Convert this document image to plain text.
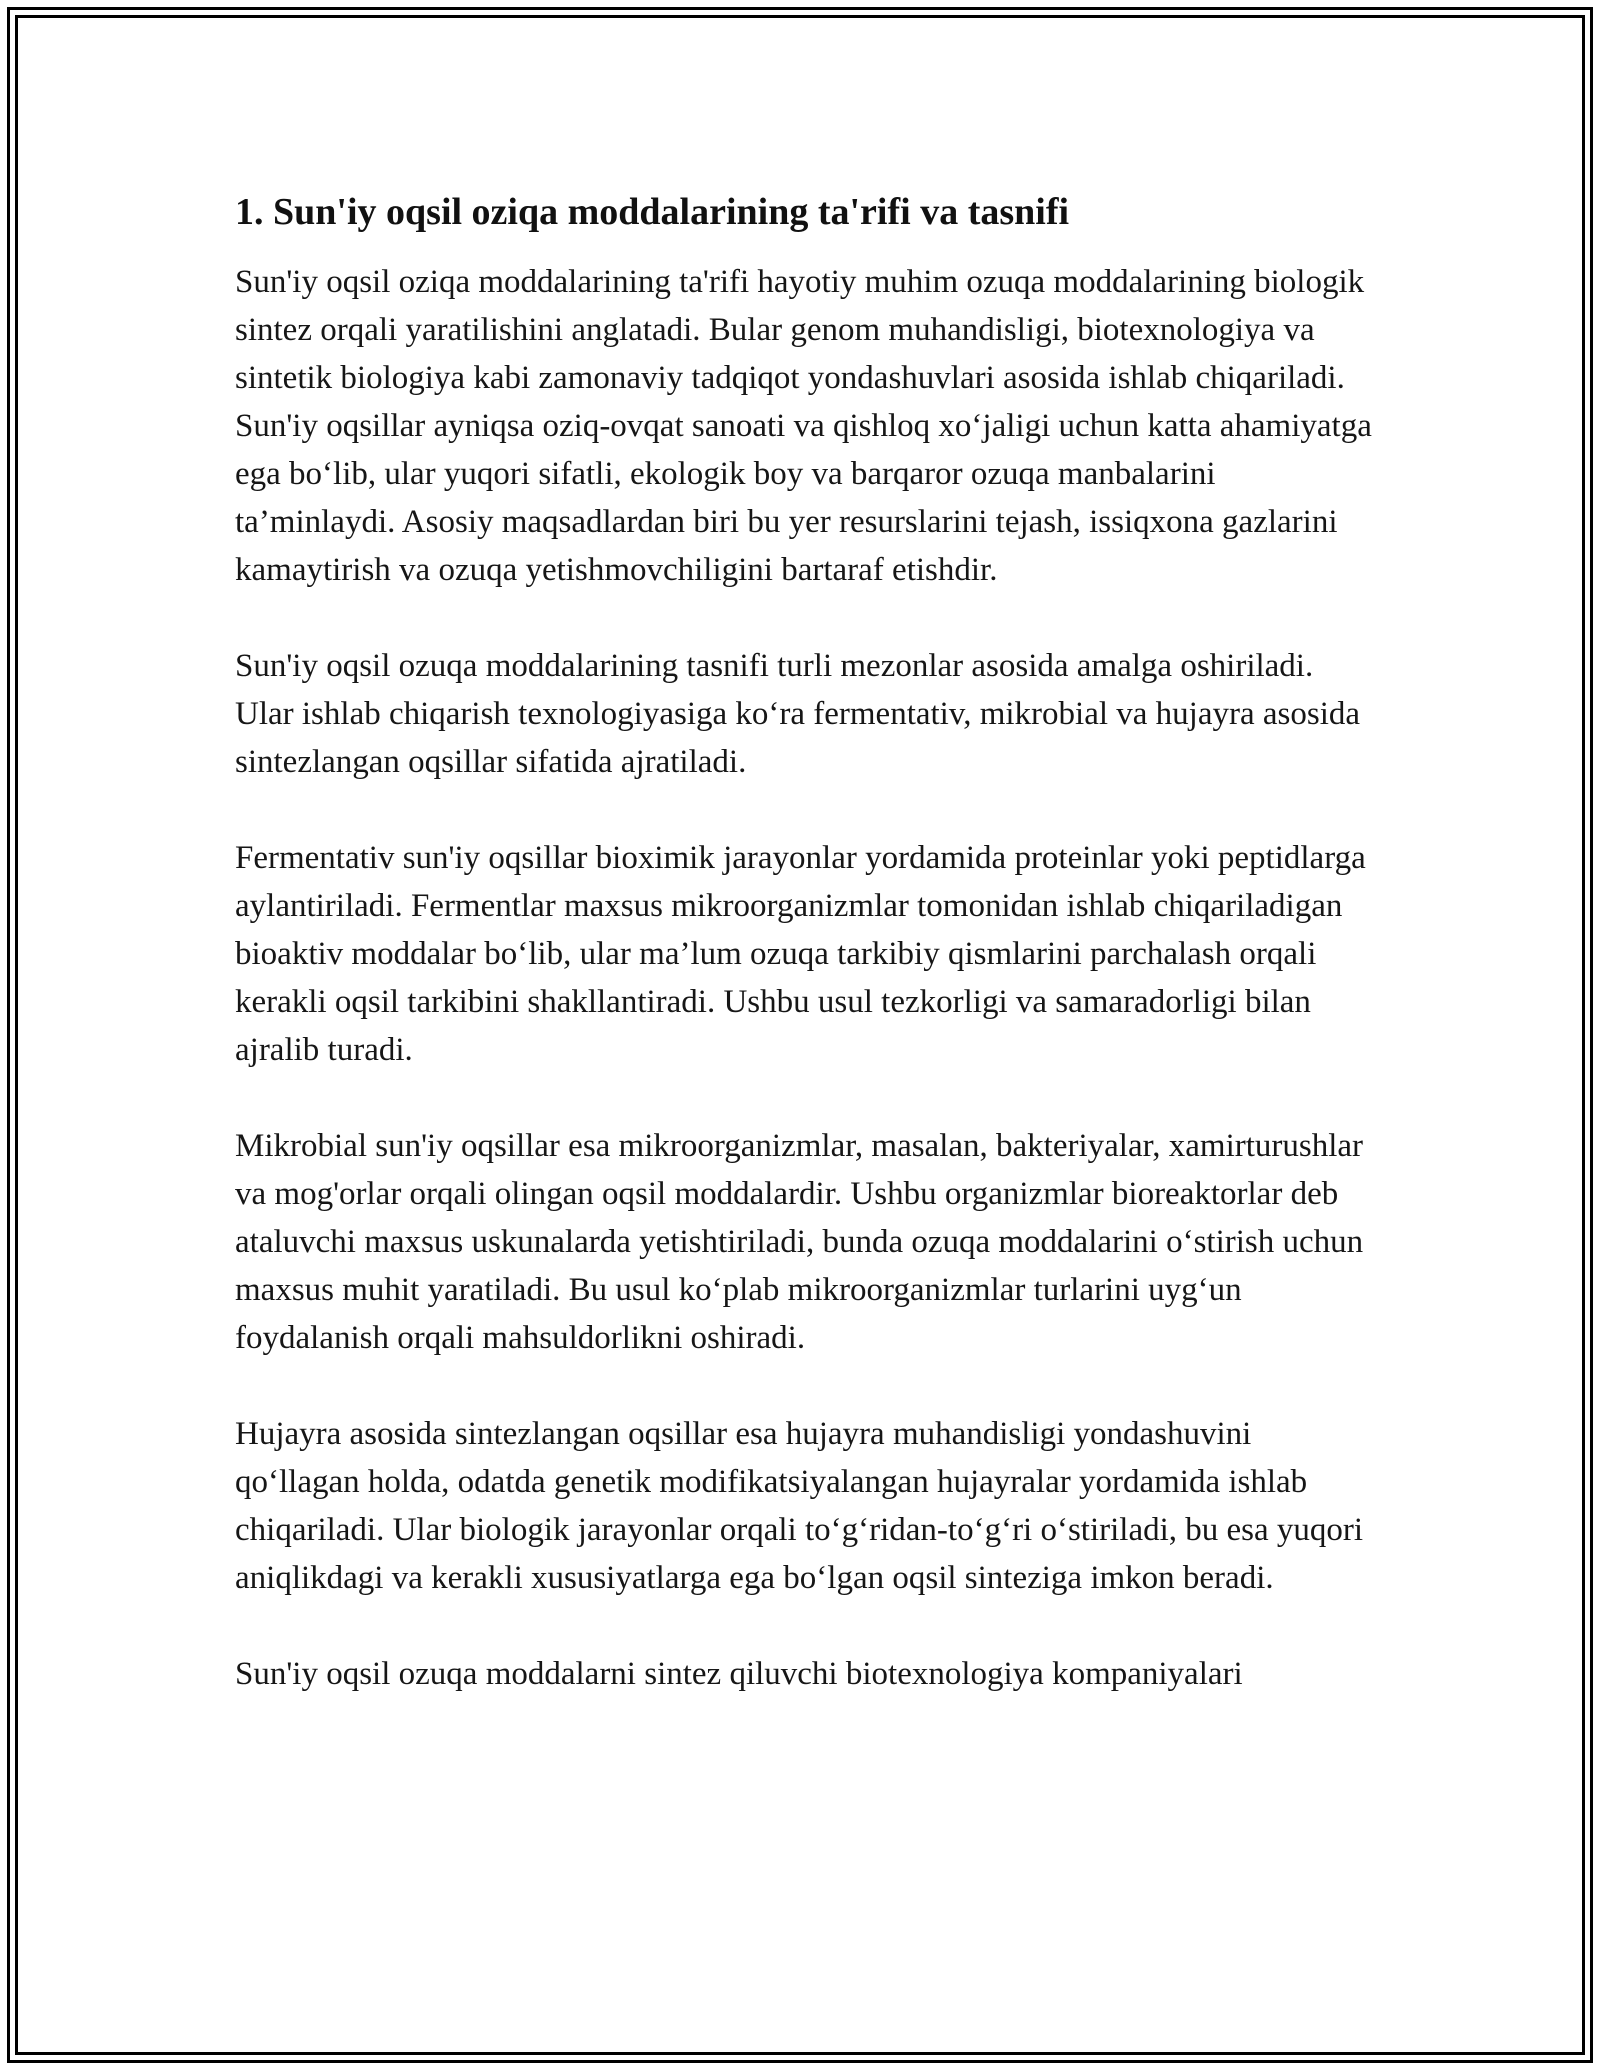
1. Sun'iy oqsil oziqa moddalarining ta'rifi va tasnifi

Sun'iy oqsil oziqa moddalarining ta'rifi hayotiy muhim ozuqa moddalarining biologik sintez orqali yaratilishini anglatadi. Bular genom muhandisligi, biotexnologiya va sintetik biologiya kabi zamonaviy tadqiqot yondashuvlari asosida ishlab chiqariladi. Sun'iy oqsillar ayniqsa oziq-ovqat sanoati va qishloq xo‘jaligi uchun katta ahamiyatga ega bo‘lib, ular yuqori sifatli, ekologik boy va barqaror ozuqa manbalarini ta’minlaydi. Asosiy maqsadlardan biri bu yer resurslarini tejash, issiqxona gazlarini kamaytirish va ozuqa yetishmovchiligini bartaraf etishdir.

Sun'iy oqsil ozuqa moddalarining tasnifi turli mezonlar asosida amalga oshiriladi. Ular ishlab chiqarish texnologiyasiga ko‘ra fermentativ, mikrobial va hujayra asosida sintezlangan oqsillar sifatida ajratiladi.

Fermentativ sun'iy oqsillar bioximik jarayonlar yordamida proteinlar yoki peptidlarga aylantiriladi. Fermentlar maxsus mikroorganizmlar tomonidan ishlab chiqariladigan bioaktiv moddalar bo‘lib, ular ma’lum ozuqa tarkibiy qismlarini parchalash orqali kerakli oqsil tarkibini shakllantiradi. Ushbu usul tezkorligi va samaradorligi bilan ajralib turadi.

Mikrobial sun'iy oqsillar esa mikroorganizmlar, masalan, bakteriyalar, xamirturushlar va mog'orlar orqali olingan oqsil moddalardir. Ushbu organizmlar bioreaktorlar deb ataluvchi maxsus uskunalarda yetishtiriladi, bunda ozuqa moddalarini o‘stirish uchun maxsus muhit yaratiladi. Bu usul ko‘plab mikroorganizmlar turlarini uyg‘un foydalanish orqali mahsuldorlikni oshiradi.

Hujayra asosida sintezlangan oqsillar esa hujayra muhandisligi yondashuvini qo‘llagan holda, odatda genetik modifikatsiyalangan hujayralar yordamida ishlab chiqariladi. Ular biologik jarayonlar orqali to‘g‘ridan-to‘g‘ri o‘stiriladi, bu esa yuqori aniqlikdagi va kerakli xususiyatlarga ega bo‘lgan oqsil sinteziga imkon beradi.

Sun'iy oqsil ozuqa moddalarni sintez qiluvchi biotexnologiya kompaniyalari
